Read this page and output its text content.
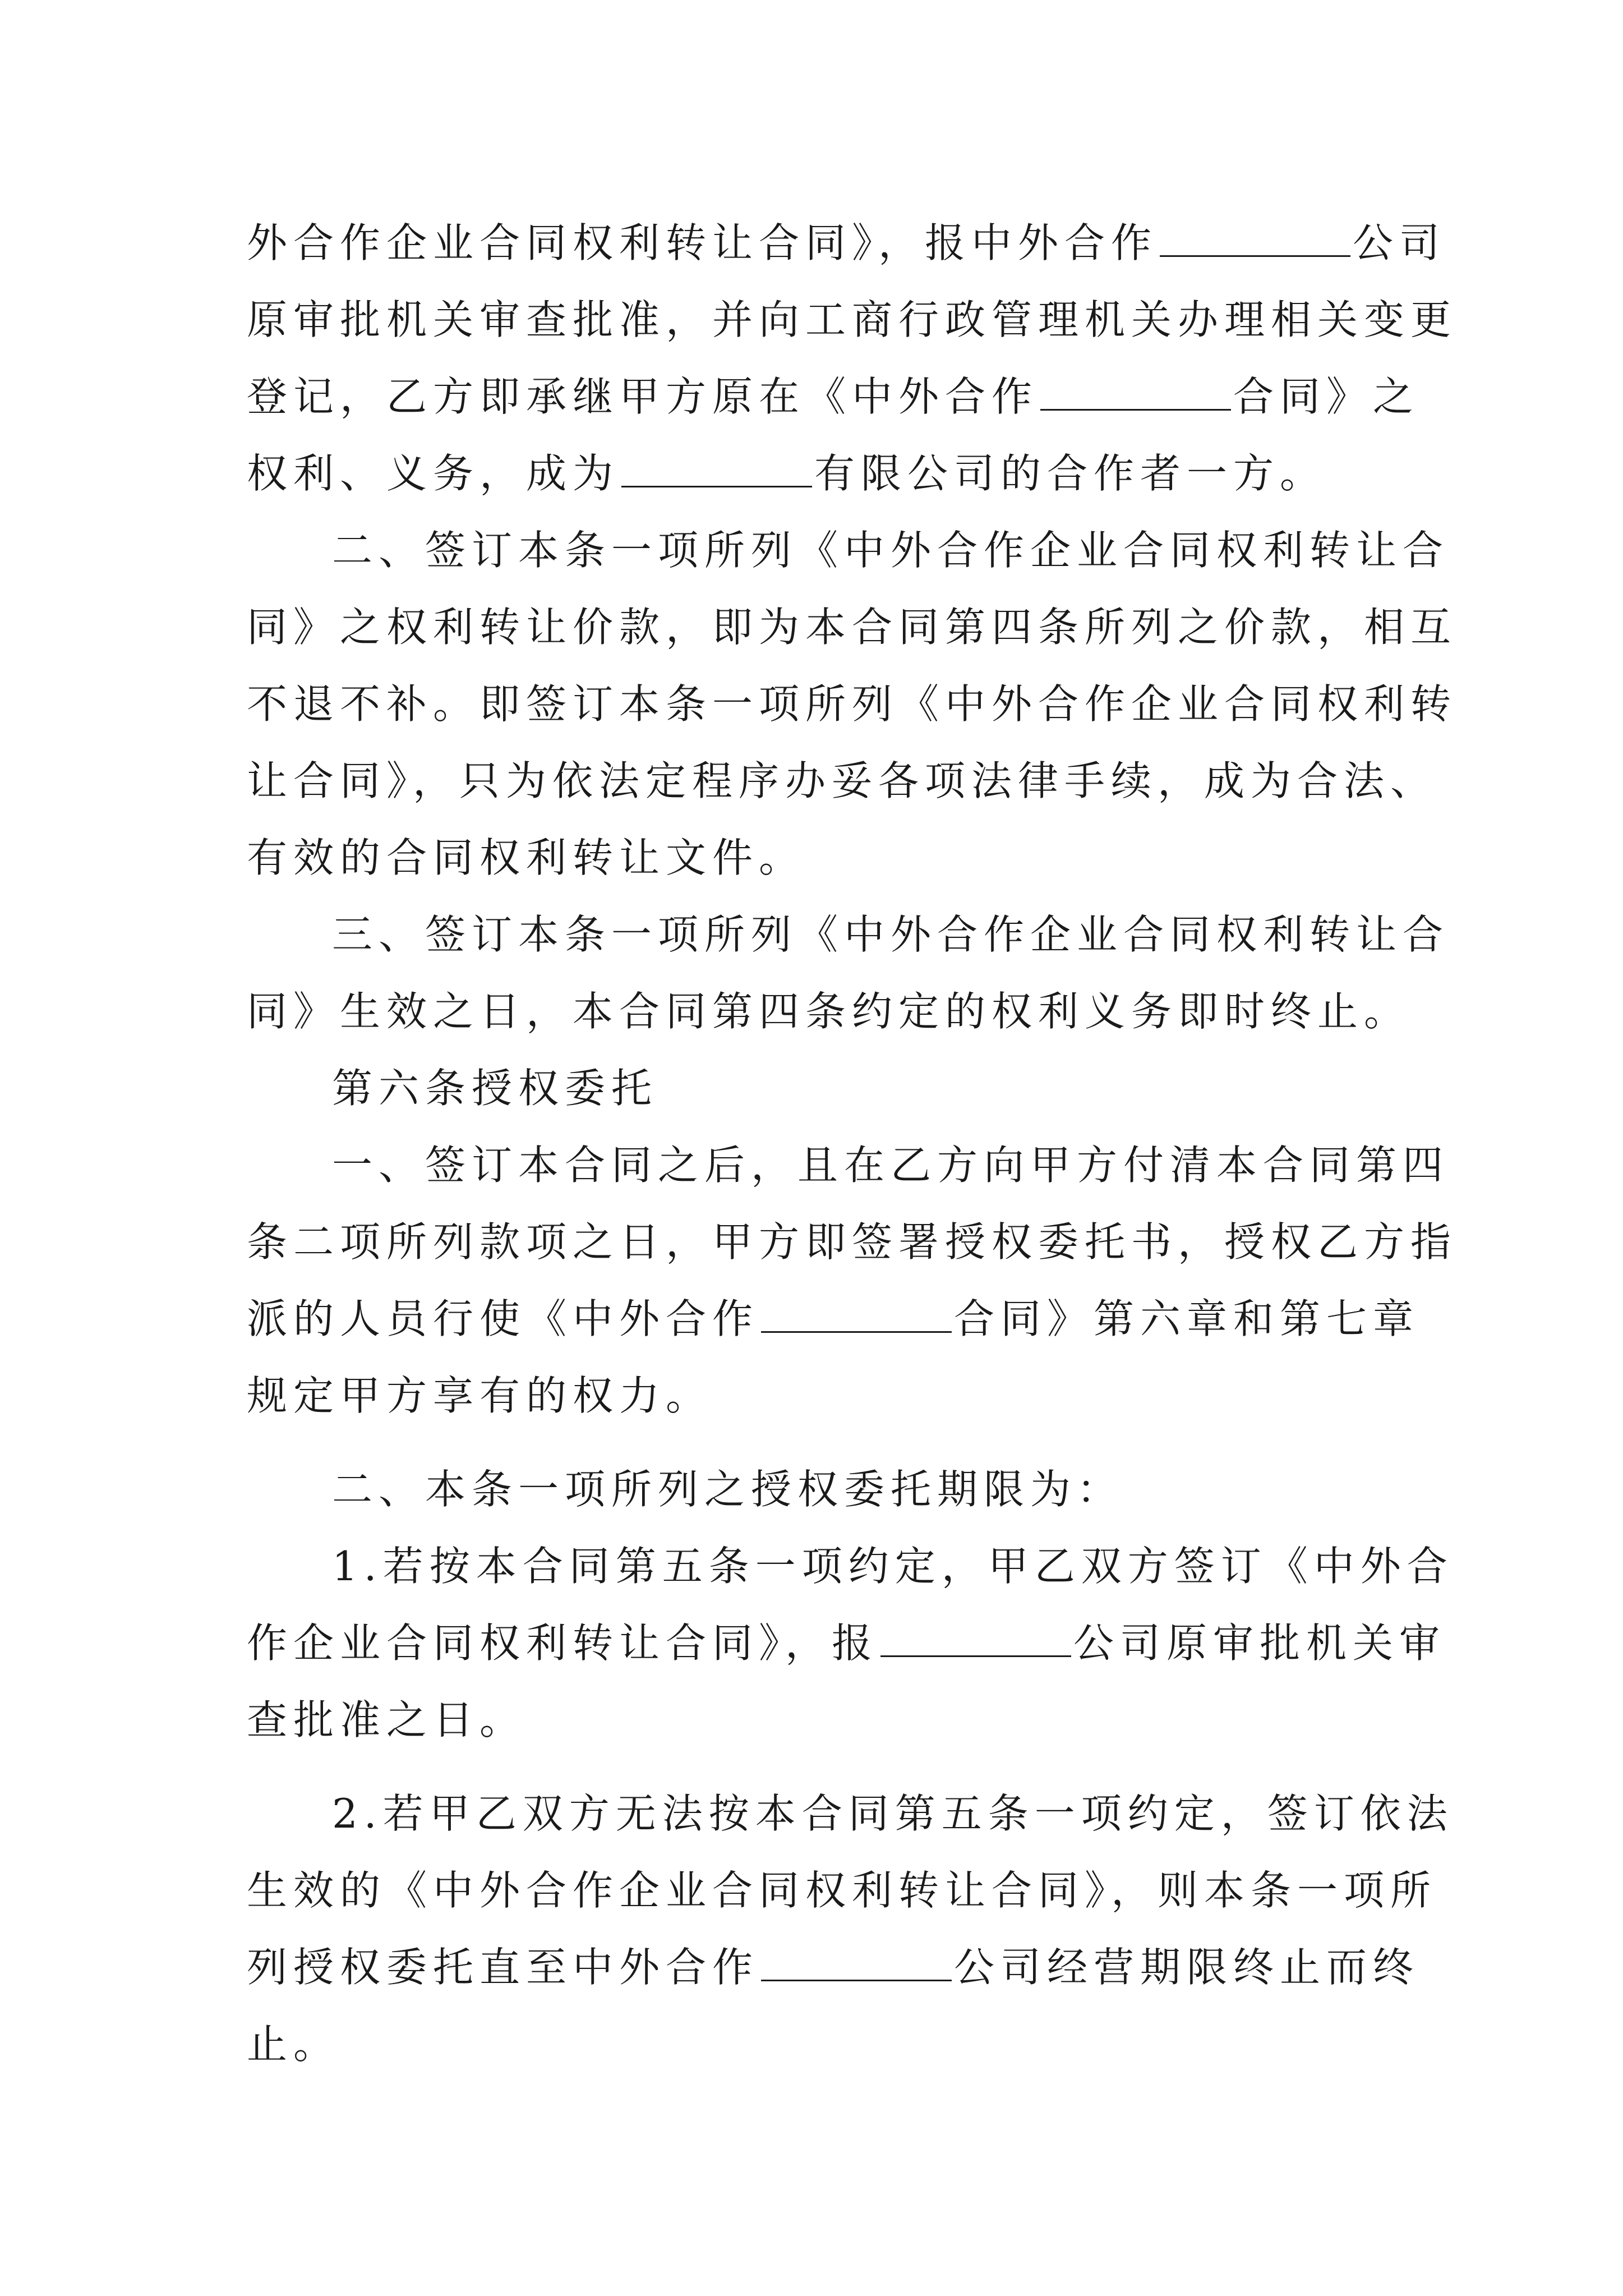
外合作企业合同权利转让合同》，报中外合作	公司
原审批机关审查批准，并向工商行政管理机关办理相关变更
登记，乙方即承继甲方原在《中外合作	合同》之
权利、义务，成为	有限公司的合作者一方。
二、签订本条一项所列《中外合作企业合同权利转让合
同》之权利转让价款，即为本合同第四条所列之价款，相互
不退不补。即签订本条一项所列《中外合作企业合同权利转
让合同》，只为依法定程序办妥各项法律手续，成为合法、
有效的合同权利转让文件。
三、签订本条一项所列《中外合作企业合同权利转让合
同》生效之日，本合同第四条约定的权利义务即时终止。
第六条授权委托
一、签订本合同之后，且在乙方向甲方付清本合同第四
条二项所列款项之日，甲方即签署授权委托书，授权乙方指
派的人员行使《中外合作	合同》第六章和第七章
规定甲方享有的权力。
二、本条一项所列之授权委托期限为：
1.若按本合同第五条一项约定，甲乙双方签订《中外合
作企业合同权利转让合同》，报	公司原审批机关审
查批准之日。
2.若甲乙双方无法按本合同第五条一项约定，签订依法
生效的《中外合作企业合同权利转让合同》，则本条一项所
列授权委托直至中外合作	公司经营期限终止而终
止。
